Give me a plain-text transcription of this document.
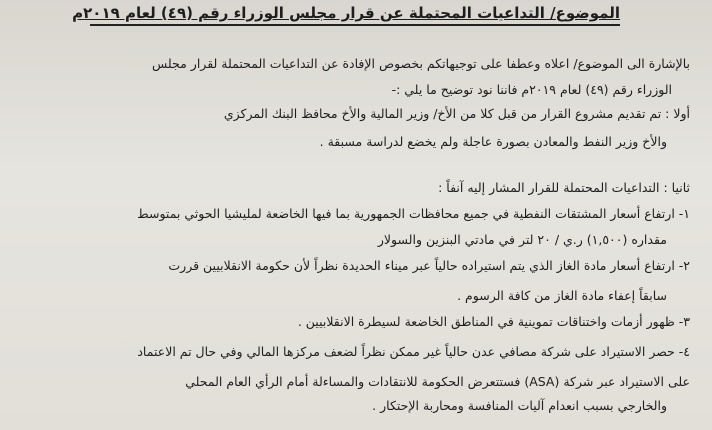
الموضوع/ التداعيات المحتملة عن قرار مجلس الوزراء رقم (٤٩) لعام ٢٠١٩م
بالإشارة الى الموضوع/ اعلاه وعطفا على توجيهاتكم بخصوص الإفادة عن التداعيات المحتملة لقرار مجلس
الوزراء رقم (٤٩) لعام ٢٠١٩م فاننا نود توضيح ما يلي :-
أولا : تم تقديم مشروع القرار من قبل كلا من الأخ/ وزير المالية والأخ محافظ البنك المركزي
والأخ وزير النفط والمعادن بصورة عاجلة ولم يخضع لدراسة مسبقة .
ثانيا : التداعيات المحتملة للقرار المشار إليه آنفاً :
١- ارتفاع أسعار المشتقات النفطية في جميع محافظات الجمهورية بما فيها الخاضعة لمليشيا الحوثي بمتوسط
مقداره (١,٥٠٠) ر.ي / ٢٠ لتر في مادتي البنزين والسولار
٢- ارتفاع أسعار مادة الغاز الذي يتم استيراده حالياً عبر ميناء الحديدة نظراً لأن حكومة الانقلابيين قررت
سابقاً إعفاء مادة الغاز من كافة الرسوم .
٣- ظهور أزمات واختناقات تموينية في المناطق الخاضعة لسيطرة الانقلابيين .
٤- حصر الاستيراد على شركة مصافي عدن حالياً غير ممكن نظراً لضعف مركزها المالي وفي حال تم الاعتماد
على الاستيراد عبر شركة (ASA) فستتعرض الحكومة للانتقادات والمساءلة أمام الرأي العام المحلي
والخارجي بسبب انعدام آليات المنافسة ومحاربة الإحتكار .
